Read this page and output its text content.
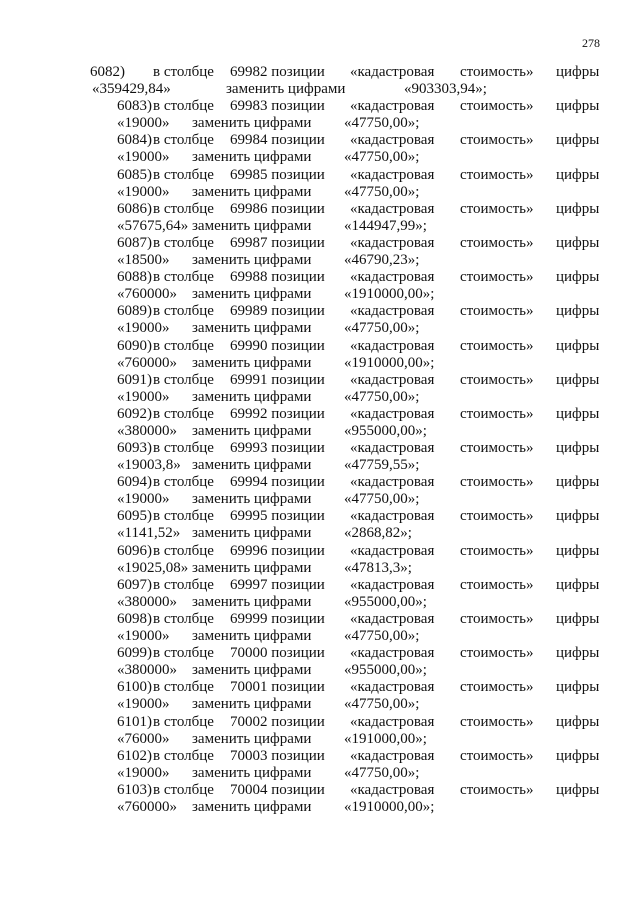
278
6082) в столбце 69982 позиции «кадастровая стоимость» цифры
«359429,84»	заменить цифрами	«903303,94»;
6083) в столбце 69983 позиции «кадастровая стоимость» цифры
«19000» заменить цифрами «47750,00»;
6084) в столбце 69984 позиции «кадастровая стоимость» цифры
«19000» заменить цифрами «47750,00»;
6085) в столбце 69985 позиции «кадастровая стоимость» цифры
«19000» заменить цифрами «47750,00»;
6086) в столбце 69986 позиции «кадастровая стоимость» цифры
«57675,64» заменить цифрами «144947,99»;
6087) в столбце 69987 позиции «кадастровая стоимость» цифры
«18500» заменить цифрами «46790,23»;
6088) в столбце 69988 позиции «кадастровая стоимость» цифры
«760000» заменить цифрами «1910000,00»;
6089) в столбце 69989 позиции «кадастровая стоимость» цифры
«19000» заменить цифрами «47750,00»;
6090) в столбце 69990 позиции «кадастровая стоимость» цифры
«760000» заменить цифрами «1910000,00»;
6091) в столбце 69991 позиции «кадастровая стоимость» цифры
«19000» заменить цифрами «47750,00»;
6092) в столбце 69992 позиции «кадастровая стоимость» цифры
«380000» заменить цифрами «955000,00»;
6093) в столбце 69993 позиции «кадастровая стоимость» цифры
«19003,8» заменить цифрами «47759,55»;
6094) в столбце 69994 позиции «кадастровая стоимость» цифры
«19000» заменить цифрами «47750,00»;
6095) в столбце 69995 позиции «кадастровая стоимость» цифры
«1141,52» заменить цифрами «2868,82»;
6096) в столбце 69996 позиции «кадастровая стоимость» цифры
«19025,08» заменить цифрами «47813,3»;
6097) в столбце 69997 позиции «кадастровая стоимость» цифры
«380000» заменить цифрами «955000,00»;
6098) в столбце 69999 позиции «кадастровая стоимость» цифры
«19000» заменить цифрами «47750,00»;
6099) в столбце 70000 позиции «кадастровая стоимость» цифры
«380000» заменить цифрами «955000,00»;
6100) в столбце 70001 позиции «кадастровая стоимость» цифры
«19000» заменить цифрами «47750,00»;
6101) в столбце 70002 позиции «кадастровая стоимость» цифры
«76000» заменить цифрами «191000,00»;
6102) в столбце 70003 позиции «кадастровая стоимость» цифры
«19000» заменить цифрами «47750,00»;
6103) в столбце 70004 позиции «кадастровая стоимость» цифры
«760000» заменить цифрами «1910000,00»;
